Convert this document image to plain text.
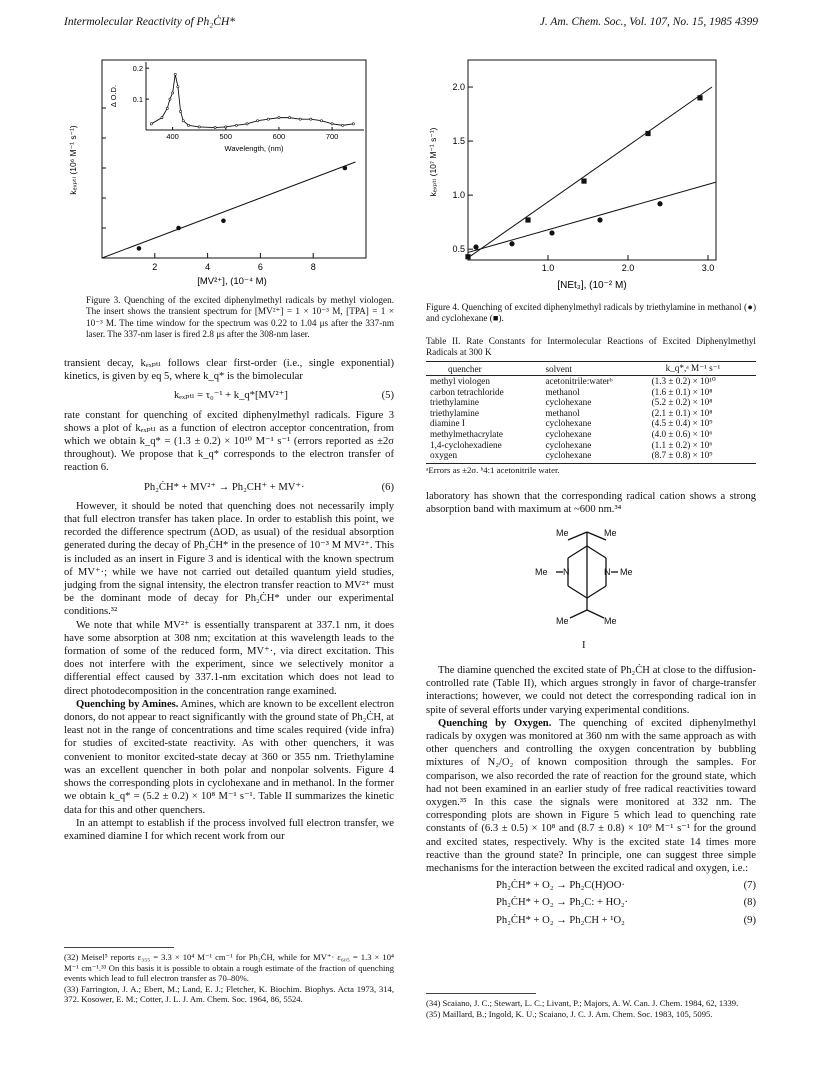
Intermolecular Reactivity of Ph₂ĊH*	J. Am. Chem. Soc., Vol. 107, No. 15, 1985 4399
2	4	6	8
[MV²⁺], (10⁻⁴ M)
kₑₓₚₜₗ (10⁶ M⁻¹ s⁻¹)	400	500	600	700
0.1
0.2
Wavelength, (nm)
Δ O.D.
Figure 3. Quenching of the excited diphenylmethyl radicals by methyl viologen. The insert shows the transient spectrum for [MV²⁺] = 1 × 10⁻³ M, [TPA] = 1 × 10⁻³ M. The time window for the spectrum was 0.22 to 1.04 μs after the 337-nm laser. The 337-nm laser is fired 2.8 μs after the 308-nm laser.

transient decay, kₑₓₚₜₗ follows clear first-order (i.e., single exponential) kinetics, is given by eq 5, where k_q* is the bimolecular

kₑₓₚₜₗ = τ₀⁻¹ + k_q*[MV²⁺]	(5)

rate constant for quenching of excited diphenylmethyl radicals. Figure 3 shows a plot of kₑₓₚₜₗ as a function of electron acceptor concentration, from which we obtain k_q* = (1.3 ± 0.2) × 10¹⁰ M⁻¹ s⁻¹ (errors reported as ±2σ throughout). We propose that k_q* corresponds to the electron transfer of reaction 6.

Ph₂ĊH* + MV²⁺ → Ph₂CH⁺ + MV⁺·	(6)

However, it should be noted that quenching does not necessarily imply that full electron transfer has taken place. In order to establish this point, we recorded the difference spectrum (ΔOD, as usual) of the residual absorption generated during the decay of Ph₂ĊH* in the presence of 10⁻³ M MV²⁺. This is included as an insert in Figure 3 and is identical with the known spectrum of MV⁺·; while we have not carried out detailed quantum yield studies, judging from the signal intensity, the electron transfer reaction to MV²⁺ must be the dominant mode of decay for Ph₂ĊH* under our experimental conditions.³²

We note that while MV²⁺ is essentially transparent at 337.1 nm, it does have some absorption at 308 nm; excitation at this wavelength leads to the formation of some of the reduced form, MV⁺·, via direct excitation. This does not interfere with the experiment, since we selectively monitor a differential effect caused by 337.1-nm excitation which does not lead to direct photodecomposition in the concentration range examined.

Quenching by Amines. Amines, which are known to be excellent electron donors, do not appear to react significantly with the ground state of Ph₂ĊH, at least not in the range of concentrations and time scales required (vide infra) for studies of excited-state reactivity. As with other quenchers, it was convenient to monitor excited-state decay at 360 or 355 nm. Triethylamine was an excellent quencher in both polar and nonpolar solvents. Figure 4 shows the corresponding plots in cyclohexane and in methanol. In the former we obtain k_q* = (5.2 ± 0.2) × 10⁸ M⁻¹ s⁻¹. Table II summarizes the kinetic data for this and other quenchers.

In an attempt to establish if the process involved full electron transfer, we examined diamine I for which recent work from our

(32) Meisel⁵ reports ε₃₅₅ = 3.3 × 10⁴ M⁻¹ cm⁻¹ for Ph₂ĊH, while for MV⁺· ε₆₀₅ = 1.3 × 10⁴ M⁻¹ cm⁻¹.³³ On this basis it is possible to obtain a rough estimate of the fraction of quenching events which lead to full electron transfer as 70–80%.
(33) Farrington, J. A.; Ebert, M.; Land, E. J.; Fletcher, K. Biochim. Biophys. Acta 1973, 314, 372. Kosower, E. M.; Cotter, J. L. J. Am. Chem. Soc. 1964, 86, 5524.
1.0	2.0	3.0
0.5
1.0
1.5
2.0
[NEt₃], (10⁻² M)
kₑₓₚₜₗ (10⁷ M⁻¹ s⁻¹)
Figure 4. Quenching of excited diphenylmethyl radicals by triethylamine in methanol (●) and cyclohexane (■).
Table II. Rate Constants for Intermolecular Reactions of Excited Diphenylmethyl Radicals at 300 K
quencher	solvent	k_q*,ᵃ M⁻¹ s⁻¹
methyl viologen	acetonitrile:waterᵇ	(1.3 ± 0.2) × 10¹⁰
carbon tetrachloride	methanol	(1.6 ± 0.1) × 10⁸
triethylamine	cyclohexane	(5.2 ± 0.2) × 10⁸
triethylamine	methanol	(2.1 ± 0.1) × 10⁸
diamine I	cyclohexane	(4.5 ± 0.4) × 10⁹
methylmethacrylate	cyclohexane	(4.0 ± 0.6) × 10⁶
1,4-cyclohexadiene	cyclohexane	(1.1 ± 0.2) × 10⁶
oxygen	cyclohexane	(8.7 ± 0.8) × 10⁹
ᵃErrors as ±2σ. ᵇ4:1 acetonitrile water.

laboratory has shown that the corresponding radical cation shows a strong absorption band with maximum at ~600 nm.³⁴

Me	Me
Me N	N Me
Me	Me
I

The diamine quenched the excited state of Ph₂ĊH at close to the diffusion-controlled rate (Table II), which argues strongly in favor of charge-transfer interactions; however, we could not detect the corresponding radical ion in spite of several efforts under varying experimental conditions.

Quenching by Oxygen. The quenching of excited diphenylmethyl radicals by oxygen was monitored at 360 nm with the same approach as with other quenchers and controlling the oxygen concentration by bubbling mixtures of N₂/O₂ of known composition through the samples. For comparison, we also recorded the rate of reaction for the ground state, which had not been examined in an earlier study of free radical reactivities toward oxygen.³⁵ In this case the signals were monitored at 332 nm. The corresponding plots are shown in Figure 5 which lead to quenching rate constants of (6.3 ± 0.5) × 10⁸ and (8.7 ± 0.8) × 10⁹ M⁻¹ s⁻¹ for the ground and excited states, respectively. Why is the excited state 14 times more reactive than the ground state? In principle, one can suggest three simple mechanisms for the interaction between the excited radical and oxygen, i.e.:

Ph₂ĊH* + O₂ → Ph₂C(H)OO·	(7)
Ph₂ĊH* + O₂ → Ph₂C: + HO₂·	(8)
Ph₂ĊH* + O₂ → Ph₂CH + ¹O₂	(9)
(34) Scaiano, J. C.; Stewart, L. C.; Livant, P.; Majors, A. W. Can. J. Chem. 1984, 62, 1339.
(35) Maillard, B.; Ingold, K. U.; Scaiano, J. C. J. Am. Chem. Soc. 1983, 105, 5095.
